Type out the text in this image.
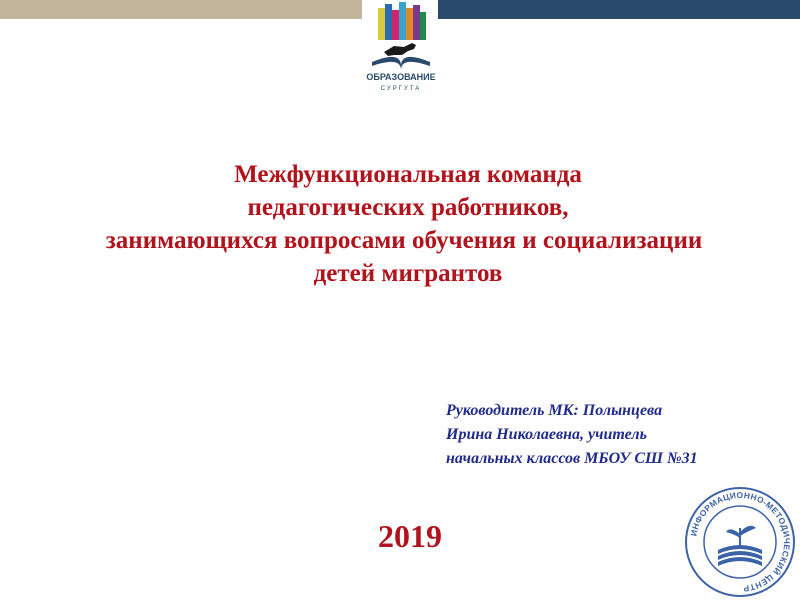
ОБРАЗОВАНИЕ
СУРГУТА
Межфункциональная команда
педагогических работников,
занимающихся вопросами обучения и социализации
детей мигрантов
Руководитель МК: Полынцева
Ирина Николаевна, учитель
начальных классов МБОУ СШ №31
2019	ИНФОРМАЦИОННО-МЕТОДИЧЕСКИЙ ЦЕНТР
